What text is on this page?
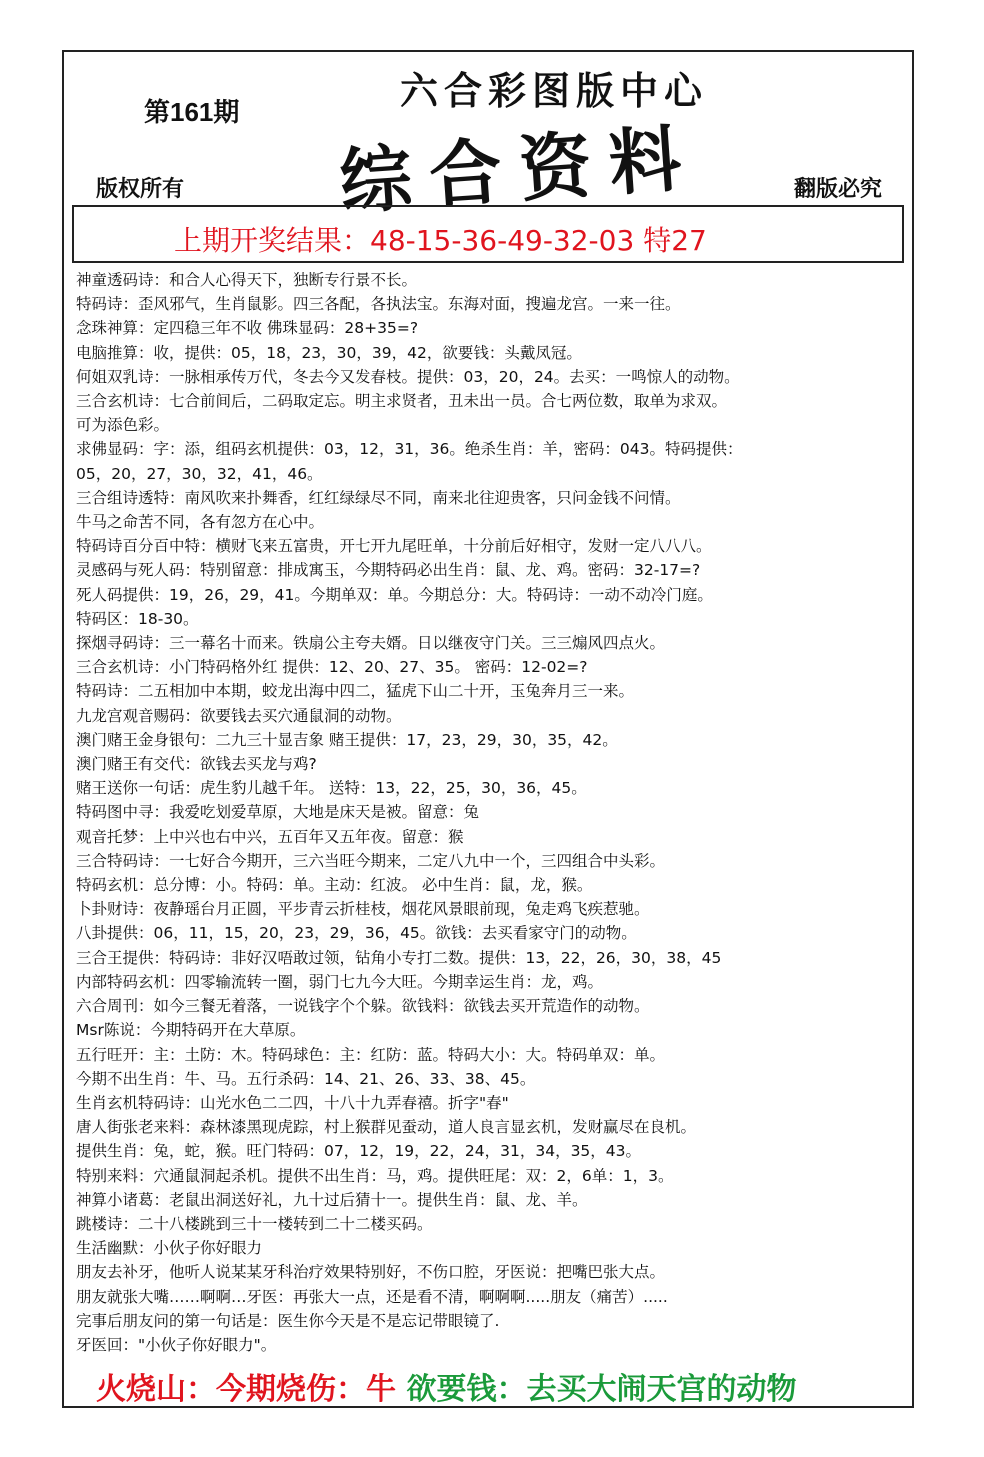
第161期	六合彩图版中心
综合资料
版权所有	翻版必究
上期开奖结果：48-15-36-49-32-03 特27
神童透码诗：和合人心得天下，独断专行景不长。
特码诗：歪风邪气，生肖鼠影。四三各配，各执法宝。东海对面，搜遍龙宫。一来一往。
念珠神算：定四稳三年不收 佛珠显码：28+35=?
电脑推算：收，提供：05，18，23，30，39，42，欲要钱：头戴凤冠。
何姐双乳诗：一脉相承传万代，冬去今又发春枝。提供：03，20，24。去买：一鸣惊人的动物。
三合玄机诗：七合前间后，二码取定忘。明主求贤者，丑未出一员。合七两位数，取单为求双。
可为添色彩。
求佛显码：字：添，组码玄机提供：03，12，31，36。绝杀生肖：羊，密码：043。特码提供：
05，20，27，30，32，41，46。
三合组诗透特：南风吹来扑舞香，红红绿绿尽不同，南来北往迎贵客，只问金钱不问情。
牛马之命苦不同，各有忽方在心中。
特码诗百分百中特：横财飞来五富贵，开七开九尾旺单，十分前后好相守，发财一定八八八。
灵感码与死人码：特别留意：排成寓玉，今期特码必出生肖：鼠、龙、鸡。密码：32-17=?
死人码提供：19，26，29，41。今期单双：单。今期总分：大。特码诗：一动不动冷门庭。
特码区：18-30。
探烟寻码诗：三一幕名十而来。铁扇公主夸夫婿。日以继夜守门关。三三煽风四点火。
三合玄机诗：小门特码格外红 提供：12、20、27、35。 密码：12-02=?
特码诗：二五相加中本期，蛟龙出海中四二，猛虎下山二十开，玉兔奔月三一来。
九龙宫观音赐码：欲要钱去买穴通鼠洞的动物。
澳门赌王金身银句：二九三十显吉象 赌王提供：17，23，29，30，35，42。
澳门赌王有交代：欲钱去买龙与鸡?
赌王送你一句话：虎生豹儿越千年。 送特：13，22，25，30，36，45。
特码图中寻：我爱吃划爱草原，大地是床天是被。留意：兔
观音托梦：上中兴也右中兴，五百年又五年夜。留意：猴
三合特码诗：一七好合今期开，三六当旺今期来，二定八九中一个，三四组合中头彩。
特码玄机：总分博：小。特码：单。主动：红波。 必中生肖：鼠，龙，猴。
卜卦财诗：夜静瑶台月正圆，平步青云折桂枝，烟花风景眼前现，兔走鸡飞疾惹驰。
八卦提供：06，11，15，20，23，29，36，45。欲钱：去买看家守门的动物。
三合王提供：特码诗：非好汉唔敢过领，钻角小专打二数。提供：13，22，26，30，38，45
内部特码玄机：四零输流转一圈，弱门七九今大旺。今期幸运生肖：龙，鸡。
六合周刊：如今三餐无着落，一说钱字个个躲。欲钱料：欲钱去买开荒造作的动物。
Msr陈说：今期特码开在大草原。
五行旺开：主：土防：木。特码球色：主：红防：蓝。特码大小：大。特码单双：单。
今期不出生肖：牛、马。五行杀码：14、21、26、33、38、45。
生肖玄机特码诗：山光水色二二四，十八十九弄春禧。折字"春"
唐人街张老来料：森林漆黑现虎踪，村上猴群见蚕动，道人良言显玄机，发财赢尽在良机。
提供生肖：兔，蛇，猴。旺门特码：07，12，19，22，24，31，34，35，43。
特别来料：穴通鼠洞起杀机。提供不出生肖：马，鸡。提供旺尾：双：2，6单：1，3。
神算小诸葛：老鼠出洞送好礼，九十过后猜十一。提供生肖：鼠、龙、羊。
跳楼诗：二十八楼跳到三十一楼转到二十二楼买码。
生活幽默：小伙子你好眼力
朋友去补牙，他听人说某某牙科治疗效果特别好，不伤口腔，牙医说：把嘴巴张大点。
朋友就张大嘴……啊啊…牙医：再张大一点，还是看不清，啊啊啊.....朋友（痛苦）.....
完事后朋友问的第一句话是：医生你今天是不是忘记带眼镜了.
牙医回："小伙子你好眼力"。
火烧山：今期烧伤：牛 欲要钱：去买大闹天宫的动物
